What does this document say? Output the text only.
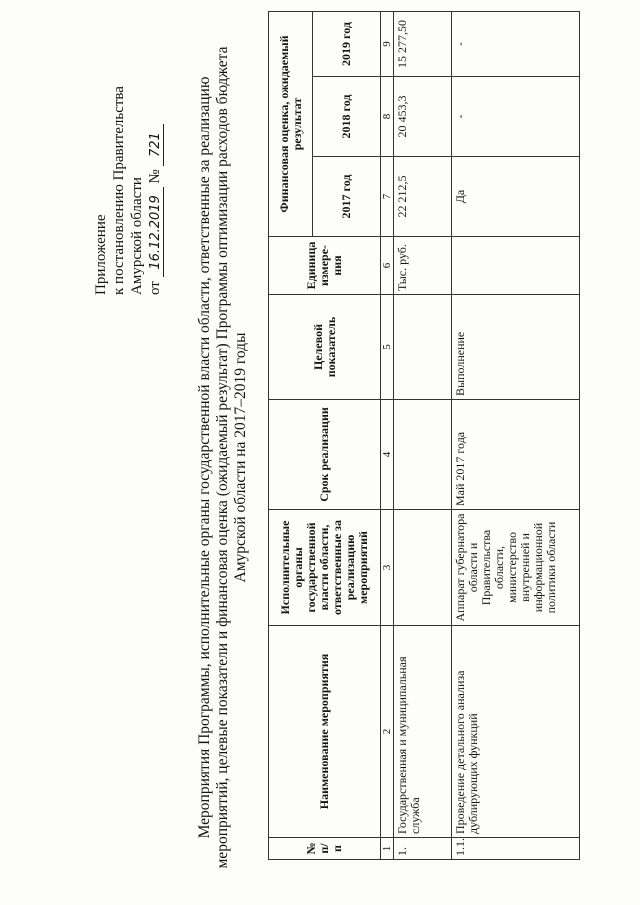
Приложение к постановлению Правительства Амурской области от 16.12.2019 № 721 Мероприятия Программы, исполнительные органы государственной власти области, ответственные за реализацию мероприятий, целевые показатели и финансовая оценка (ожидаемый результат) Программы оптимизации расходов бюджета Амурской области на 2017–2019 годы
№ п/п	Наименование мероприятия	Исполнительные органы государственной власти области, ответственные за реализацию мероприятий	Срок реализации	Целевой показатель	Единица измере-ния	Финансовая оценка, ожидаемый результат		
						2017 год	2018 год	2019 год
1	2	3	4	5	6	7	8	9
1.	Государственная и муниципальная служба				Тыс. руб.	22 212,5	20 453,3	15 277,50
1.1.	Проведение детального анализа дублирующих функций	Аппарат губернатора области и Правительства области, министерство внутренней и информационной политики области	Май 2017 года	Выполнение		Да	-	-
